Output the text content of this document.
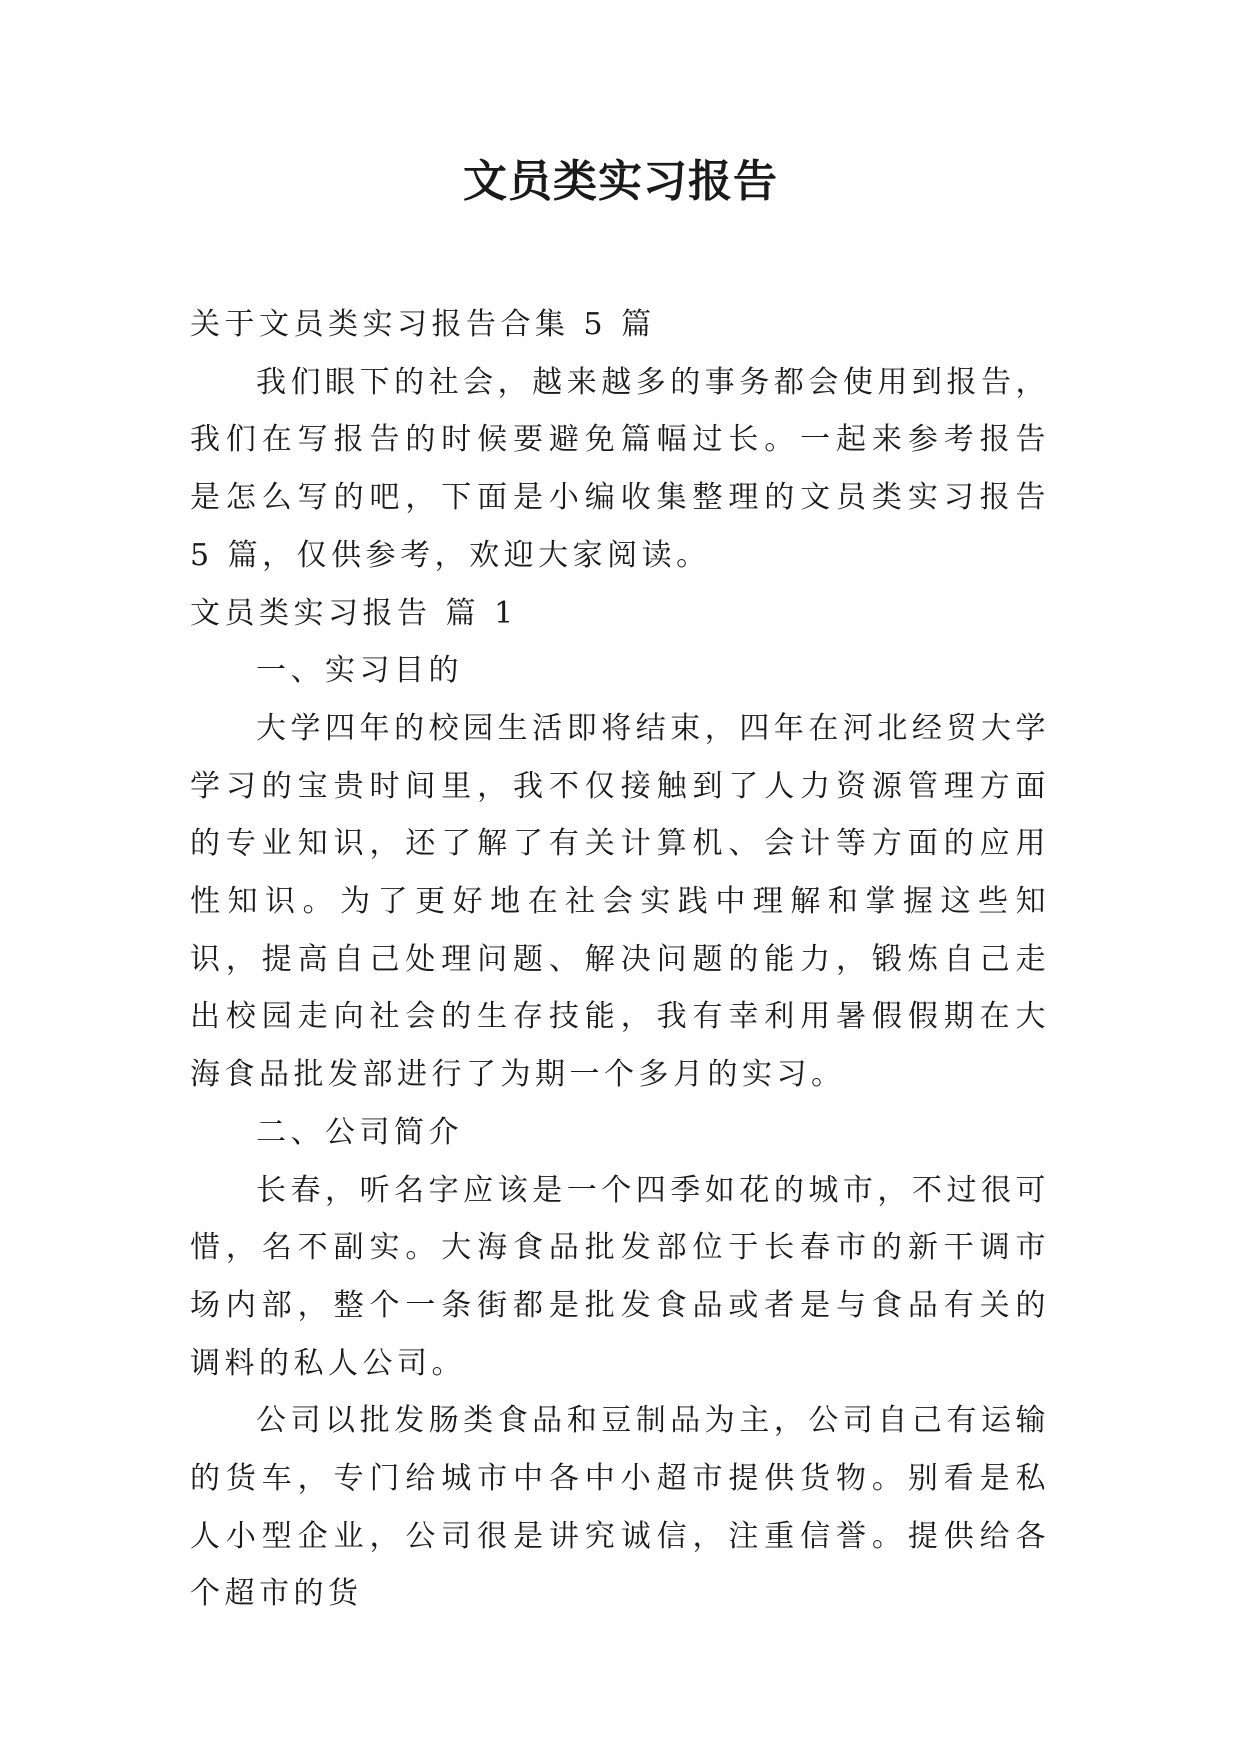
文员类实习报告

关于文员类实习报告合集 5 篇

我们眼下的社会，越来越多的事务都会使用到报告，我们在写报告的时候要避免篇幅过长。一起来参考报告是怎么写的吧，下面是小编收集整理的文员类实习报告 5 篇，仅供参考，欢迎大家阅读。

文员类实习报告 篇 1

一、实习目的

大学四年的校园生活即将结束，四年在河北经贸大学学习的宝贵时间里，我不仅接触到了人力资源管理方面的专业知识，还了解了有关计算机、会计等方面的应用性知识。为了更好地在社会实践中理解和掌握这些知识，提高自己处理问题、解决问题的能力，锻炼自己走出校园走向社会的生存技能，我有幸利用暑假假期在大海食品批发部进行了为期一个多月的实习。

二、公司简介

长春，听名字应该是一个四季如花的城市，不过很可惜，名不副实。大海食品批发部位于长春市的新干调市场内部，整个一条街都是批发食品或者是与食品有关的调料的私人公司。

公司以批发肠类食品和豆制品为主，公司自己有运输的货车，专门给城市中各中小超市提供货物。别看是私人小型企业，公司很是讲究诚信，注重信誉。提供给各个超市的货
